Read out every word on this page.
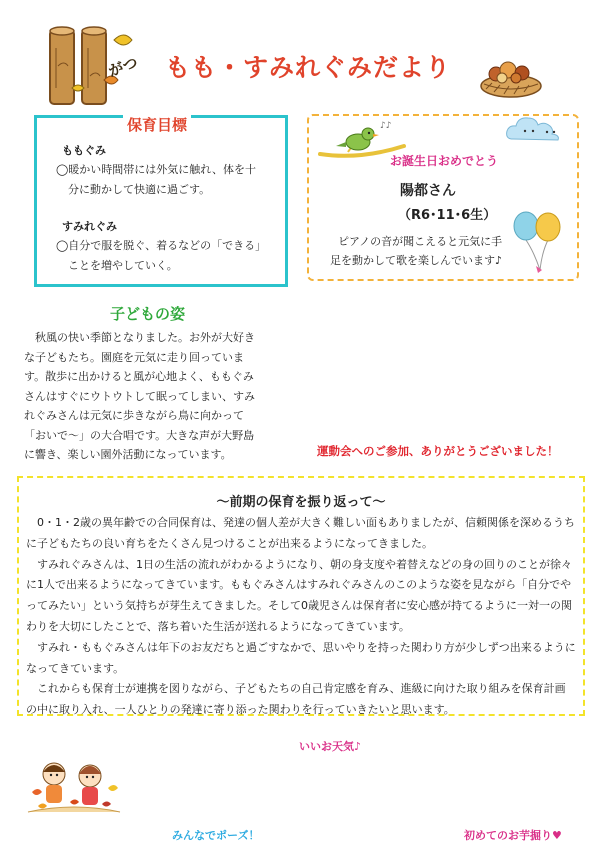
がつ もも・すみれぐみだより
保育目標
ももぐみ
◯暖かい時間帯には外気に触れ、体を十
分に動かして快適に過ごす。
すみれぐみ
◯自分で服を脱ぐ、着るなどの「できる」
ことを増やしていく。
♪♪
お誕生日おめでとう
陽都さん
（R6･11･6生）
ピアノの音が聞こえると元気に手
足を動かして歌を楽しんでいます♪
子どもの姿
秋風の快い季節となりました。お外が大好きな子どもたち。園庭を元気に走り回っています。散歩に出かけると風が心地よく、ももぐみさんはすぐにウトウトして眠ってしまい、すみれぐみさんは元気に歩きながら鳥に向かって「おいで〜」の大合唱です。大きな声が大野島に響き、楽しい園外活動になっています。	運動会へのご参加、ありがとうございました！
～前期の保育を振り返って～

0・1・2歳の異年齢での合同保育は、発達の個人差が大きく難しい面もありましたが、信頼関係を深めるうちに子どもたちの良い育ちをたくさん見つけることが出来るようになってきました。

すみれぐみさんは、1日の生活の流れがわかるようになり、朝の身支度や着替えなどの身の回りのことが徐々に1人で出来るようになってきています。ももぐみさんはすみれぐみさんのこのような姿を見ながら「自分でやってみたい」という気持ちが芽生えてきました。そして0歳児さんは保育者に安心感が持てるように一対一の関わりを大切にしたことで、落ち着いた生活が送れるようになってきています。

すみれ・ももぐみさんは年下のお友だちと過ごすなかで、思いやりを持った関わり方が少しずつ出来るようになってきています。

これからも保育士が連携を図りながら、子どもたちの自己肯定感を育み、進級に向けた取り組みを保育計画の中に取り入れ、一人ひとりの発達に寄り添った関わりを行っていきたいと思います。

いいお天気♪
みんなでポーズ！	初めてのお芋掘り♥
